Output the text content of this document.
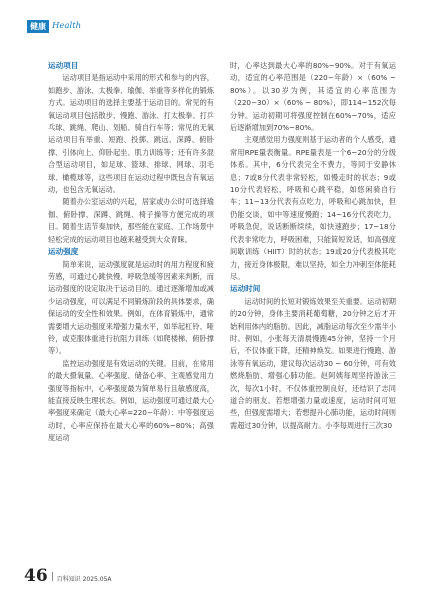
健康 Health
运动项目

运动项目是指运动中采用的形式和参与的内容，如跑步、游泳、太极拳、瑜伽、举重等多样化的锻炼方式。运动项目的选择主要基于运动目的。常见的有氧运动项目包括散步、慢跑、游泳、打太极拳、打乒乓球、跳绳、爬山、划船、骑自行车等；常见的无氧运动项目有举重、短跑、投掷、跳远、深蹲、俯卧撑、引体向上、仰卧起坐、肌力训练等；还有许多混合型运动项目，如足球、篮球、排球、网球、羽毛球、橄榄球等，这些项目在运动过程中既包含有氧运动，也包含无氧运动。

随着办公室运动的兴起，居家或办公时可选择瑜伽、俯卧撑、深蹲、跳绳、椅子操等方便完成的项目。随着生活节奏加快，那些能在家庭、工作场景中轻松完成的运动项目也越来越受到大众青睐。

运动强度

简单来说，运动强度就是运动时的用力程度和疲劳感，可通过心跳快慢、呼吸急缓等因素来判断，而运动强度的设定取决于运动目的。通过逐渐增加或减少运动强度，可以满足不同锻炼阶段的具体要求，确保运动的安全性和效果。例如，在体育锻炼中，通常需要增大运动强度来增强力量水平，如举起杠铃、哑铃，或克服体重进行抗阻力训练（如爬楼梯、俯卧撑等）。

监控运动强度是有效运动的关键。目前，在常用的最大摄氧量、心率强度、储备心率、主观感觉用力强度等指标中，心率强度最为简单易行且敏感度高，能直接反映生理状态。例如，运动强度可通过最大心率强度来确定（最大心率=220−年龄）：中等强度运动时，心率应保持在最大心率的60%~80%；高强度运动

时，心率达到最大心率的80%~90%。对于有氧运动，适宜的心率范围是（220−年龄）×（60% ~ 80%）。以30岁为例，其适宜的心率范围为（220−30）×（60% ~ 80%），即114~152次每分钟。运动初期可将强度控制在60%~70%，适应后逐渐增加到70%~80%。

主观感觉用力强度则基于运动者的个人感受，通常用RPE量表衡量。RPE量表是一个6~20分的分级体系。其中，6分代表完全不费力，等同于安静休息；7或8分代表非常轻松，如慢走时的状态；9或10分代表轻松，呼吸和心跳平稳，如悠闲骑自行车；11~13分代表有点吃力，呼吸和心跳加快，但仍能交谈，如中等速度慢跑；14~16分代表吃力，呼吸急促，说话断断续续，如快速跑步；17~18分代表非常吃力，呼吸困难，只能简短说话，如高强度间歇训练（HIIT）时的状态；19或20分代表极其吃力，接近身体极限，难以坚持，如全力冲刺至体能耗尽。

运动时间

运动时间的长短对锻炼效果至关重要。运动初期的20分钟，身体主要消耗葡萄糖，20分钟之后才开始利用体内的脂肪。因此，减脂运动每次至少需半小时。例如，小张每天清晨慢跑45分钟，坚持一个月后，不仅体重下降，还精神焕发。如果进行慢跑、游泳等有氧运动，建议每次运动30 ~ 60分钟，可有效燃烧脂肪、增强心肺功能。赵阿姨每周坚持游泳三次，每次1小时，不仅体重控制良好，还结识了志同道合的朋友。若想增强力量或速度，运动时间可短些，但强度需增大；若想提升心肺功能，运动时间则需超过30分钟，以提高耐力。小李每周进行三次30

46 百科知识 2025.05A
